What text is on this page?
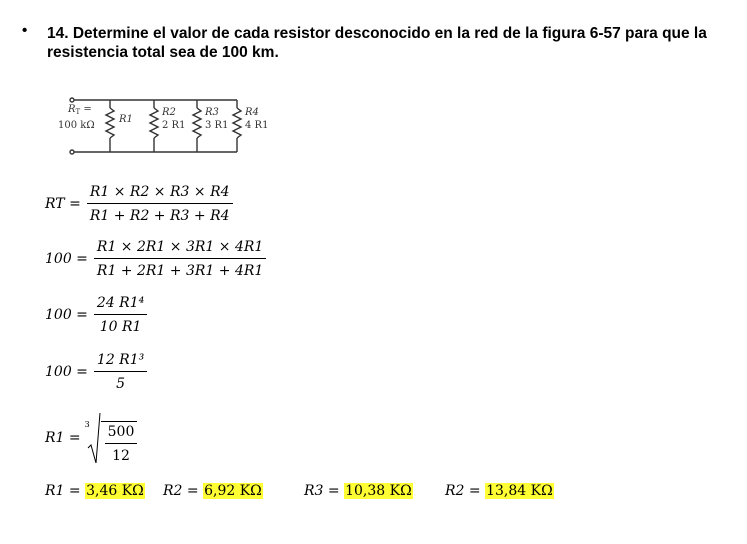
• 14. Determine el valor de cada resistor desconocido en la red de la figura 6-57 para que la resistencia total sea de 100 km.
$R_T$ =
100 kΩ
R1
R2
2 R1
R3
3 R1
R4
4 R1
RT = $\frac{R1 \times R2 \times R3 \times R4}{R1 + R2 + R3 + R4}$
$100 = \frac{R1 \times 2R1 \times 3R1 \times 4R1}{R1 + 2R1 + 3R1 + 4R1}$
$100 = \frac{\text{24 R1⁴}}{10 R1}$
$100 = \frac{\text{12 R1³}}{5}$
R1 =
$3 \frac{500}{12}$
R1 = 3,46 KΩ R2 = 6,92 KΩ	R3 = 10,38 KΩ R2 = 13,84 KΩ
